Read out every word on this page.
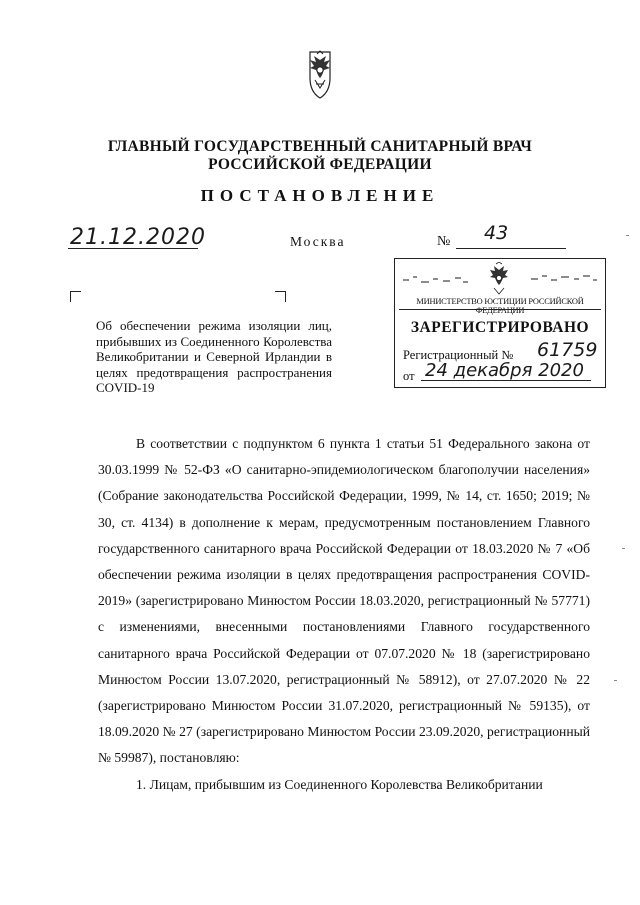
ГЛАВНЫЙ ГОСУДАРСТВЕННЫЙ САНИТАРНЫЙ ВРАЧ
РОССИЙСКОЙ ФЕДЕРАЦИИ
ПОСТАНОВЛЕНИЕ
21.12.2020	Москва	№ 43
Об обеспечении режима изоляции лиц, прибывших из Соединенного Королевства Великобритании и Северной Ирландии в целях предотвращения распространения COVID-19
МИНИСТЕРСТВО ЮСТИЦИИ РОССИЙСКОЙ ФЕДЕРАЦИИ
ЗАРЕГИСТРИРОВАНО
Регистрационный № 61759
от 24 декабря 2020

В соответствии с подпунктом 6 пункта 1 статьи 51 Федерального закона от 30.03.1999 № 52-ФЗ «О санитарно-эпидемиологическом благополучии населения» (Собрание законодательства Российской Федерации, 1999, № 14, ст. 1650; 2019; № 30, ст. 4134) в дополнение к мерам, предусмотренным постановлением Главного государственного санитарного врача Российской Федерации от 18.03.2020 № 7 «Об обеспечении режима изоляции в целях предотвращения распространения COVID-2019» (зарегистрировано Минюстом России 18.03.2020, регистрационный № 57771) с изменениями, внесенными постановлениями Главного государственного санитарного врача Российской Федерации от 07.07.2020 № 18 (зарегистрировано Минюстом России 13.07.2020, регистрационный № 58912), от 27.07.2020 № 22 (зарегистрировано Минюстом России 31.07.2020, регистрационный № 59135), от 18.09.2020 № 27 (зарегистрировано Минюстом России 23.09.2020, регистрационный № 59987), постановляю:

1. Лицам, прибывшим из Соединенного Королевства Великобритании
